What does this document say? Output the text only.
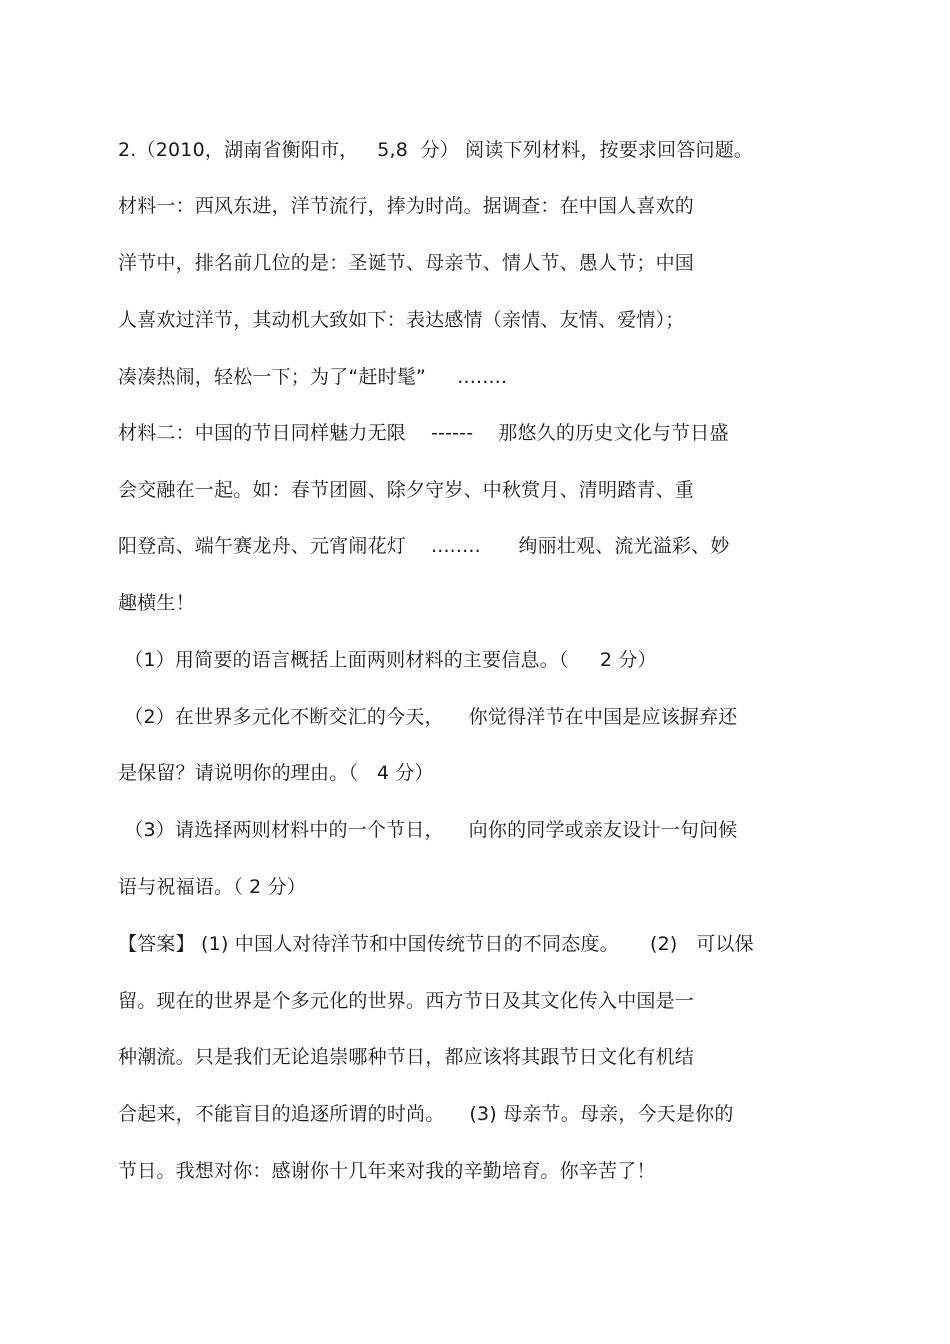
2.（2010，湖南省衡阳市，   5,8  分） 阅读下列材料，按要求回答问题。
材料一：西风东进，洋节流行，捧为时尚。据调查：在中国人喜欢的
洋节中，排名前几位的是：圣诞节、母亲节、情人节、愚人节；中国
人喜欢过洋节，其动机大致如下：表达感情（亲情、友情、爱情）；
凑凑热闹，轻松一下；为了“赶时髦”     ........
材料二：中国的节日同样魅力无限    ------    那悠久的历史文化与节日盛
会交融在一起。如：春节团圆、除夕守岁、中秋赏月、清明踏青、重
阳登高、端午赛龙舟、元宵闹花灯    ........      绚丽壮观、流光溢彩、妙
趣横生！
（1）用简要的语言概括上面两则材料的主要信息。（     2 分）
（2）在世界多元化不断交汇的今天，    你觉得洋节在中国是应该摒弃还
是保留？请说明你的理由。（   4 分）
（3）请选择两则材料中的一个节日，    向你的同学或亲友设计一句问候
语与祝福语。（ 2 分）
【答案】 (1) 中国人对待洋节和中国传统节日的不同态度。     (2)   可以保
留。现在的世界是个多元化的世界。西方节日及其文化传入中国是一
种潮流。只是我们无论追崇哪种节日，都应该将其跟节日文化有机结
合起来，不能盲目的追逐所谓的时尚。    (3) 母亲节。母亲，今天是你的
节日。我想对你：感谢你十几年来对我的辛勤培育。你辛苦了！
